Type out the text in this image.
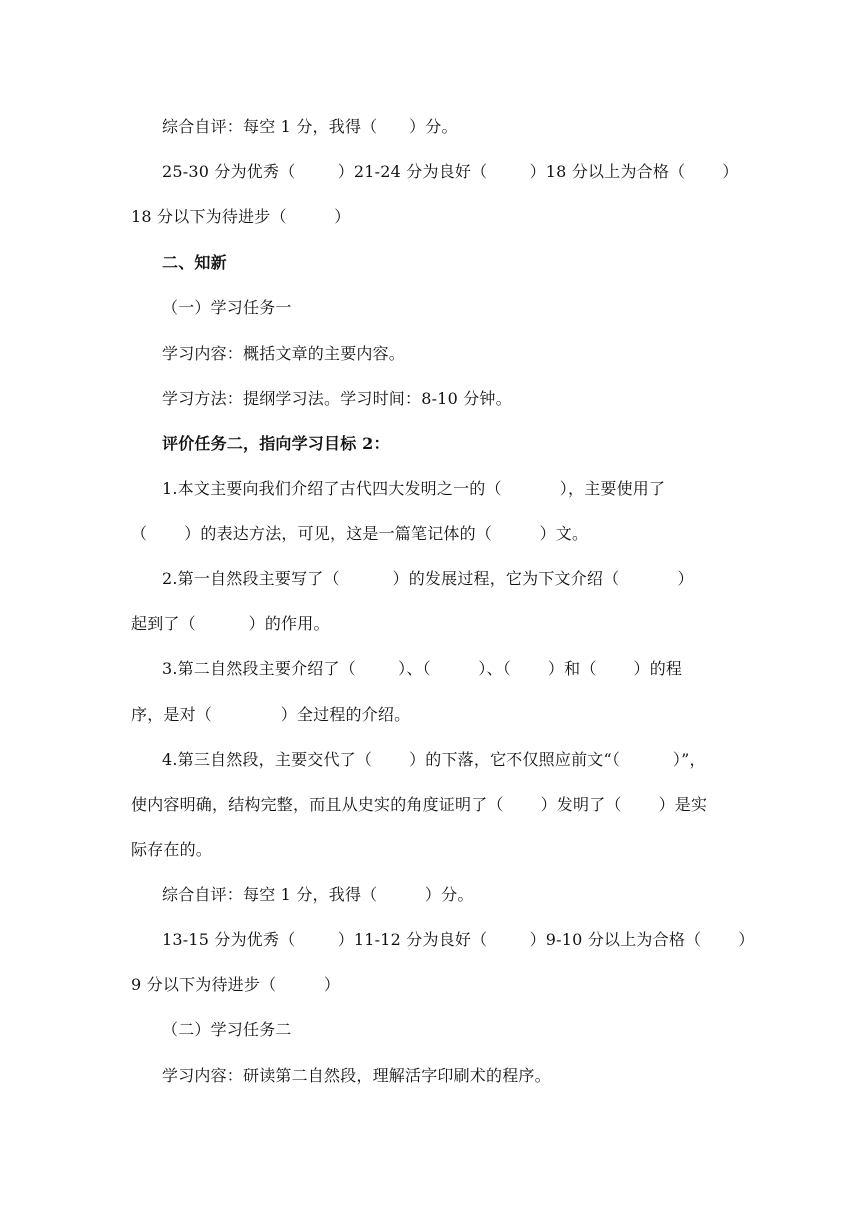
综合自评：每空 1 分，我得（      ）分。
25-30 分为优秀（        ）21-24 分为良好（        ）18 分以上为合格（       ）
18 分以下为待进步（         ）
二、知新
（一）学习任务一
学习内容：概括文章的主要内容。
学习方法：提纲学习法。学习时间：8-10 分钟。
评价任务二，指向学习目标 2：
1.本文主要向我们介绍了古代四大发明之一的（           ），主要使用了
（       ）的表达方法，可见，这是一篇笔记体的（         ）文。
2.第一自然段主要写了（          ）的发展过程，它为下文介绍（           ）
起到了（          ）的作用。
3.第二自然段主要介绍了（        ）、（         ）、（       ）和（       ）的程
序，是对（             ）全过程的介绍。
4.第三自然段，主要交代了（       ）的下落，它不仅照应前文“（          ）”，
使内容明确，结构完整，而且从史实的角度证明了（       ）发明了（       ）是实
际存在的。
综合自评：每空 1 分，我得（         ）分。
13-15 分为优秀（        ）11-12 分为良好（        ）9-10 分以上为合格（       ）
9 分以下为待进步（         ）
（二）学习任务二
学习内容：研读第二自然段，理解活字印刷术的程序。
